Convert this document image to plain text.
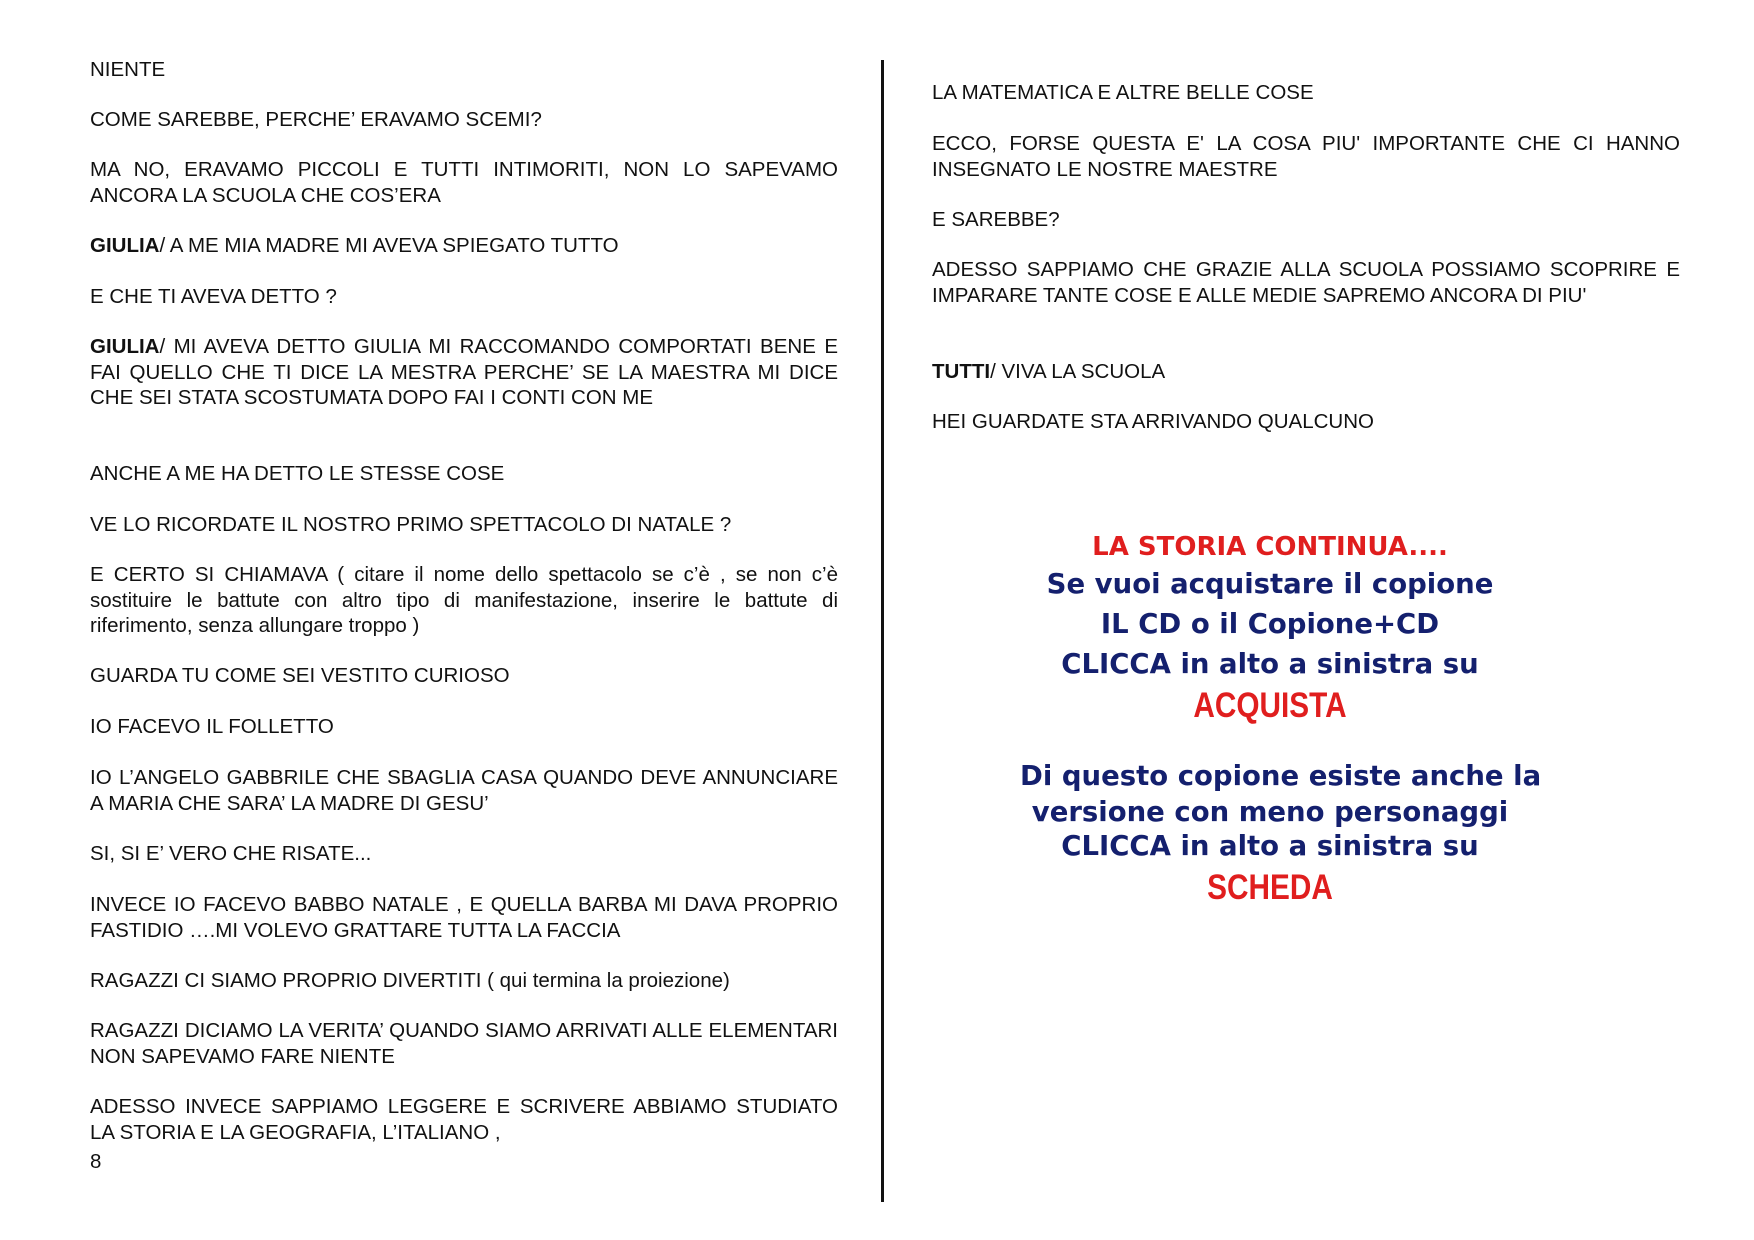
NIENTE

COME SAREBBE, PERCHE’ ERAVAMO SCEMI?

MA NO, ERAVAMO PICCOLI E TUTTI INTIMORITI, NON LO SAPEVAMO ANCORA LA SCUOLA CHE COS’ERA

GIULIA/ A ME MIA MADRE MI AVEVA SPIEGATO TUTTO

E CHE TI AVEVA DETTO ?

GIULIA/ MI AVEVA DETTO GIULIA MI RACCOMANDO COMPORTATI BENE E FAI QUELLO CHE TI DICE LA MESTRA PERCHE’ SE LA MAESTRA MI DICE CHE SEI STATA SCOSTUMATA DOPO FAI I CONTI CON ME

ANCHE A ME HA DETTO LE STESSE COSE

VE LO RICORDATE IL NOSTRO PRIMO SPETTACOLO DI NATALE ?

E CERTO SI CHIAMAVA ( citare il nome dello spettacolo se c’è , se non c’è sostituire le battute con altro tipo di manifestazione, inserire le battute di riferimento, senza allungare troppo )

GUARDA TU COME SEI VESTITO CURIOSO

IO FACEVO IL FOLLETTO

IO L’ANGELO GABBRILE CHE SBAGLIA CASA QUANDO DEVE ANNUNCIARE A MARIA CHE SARA’ LA MADRE DI GESU’

SI, SI E’ VERO CHE RISATE...

INVECE IO FACEVO BABBO NATALE , E QUELLA BARBA MI DAVA PROPRIO FASTIDIO ….MI VOLEVO GRATTARE TUTTA LA FACCIA

RAGAZZI CI SIAMO PROPRIO DIVERTITI ( qui termina la proiezione)

RAGAZZI DICIAMO LA VERITA’ QUANDO SIAMO ARRIVATI ALLE ELEMENTARI NON SAPEVAMO FARE NIENTE

ADESSO INVECE SAPPIAMO LEGGERE E SCRIVERE ABBIAMO STUDIATO LA STORIA E LA GEOGRAFIA, L’ITALIANO ,

8

LA MATEMATICA E ALTRE BELLE COSE

ECCO, FORSE QUESTA E' LA COSA PIU' IMPORTANTE CHE CI HANNO INSEGNATO LE NOSTRE MAESTRE

E SAREBBE?

ADESSO SAPPIAMO CHE GRAZIE ALLA SCUOLA POSSIAMO SCOPRIRE E IMPARARE TANTE COSE E ALLE MEDIE SAPREMO ANCORA DI PIU'

TUTTI/ VIVA LA SCUOLA

HEI GUARDATE STA ARRIVANDO QUALCUNO

LA STORIA CONTINUA....
Se vuoi acquistare il copione
IL CD o il Copione+CD
CLICCA in alto a sinistra su
ACQUISTA
Di questo copione esiste anche la
versione con meno personaggi
CLICCA in alto a sinistra su
SCHEDA
